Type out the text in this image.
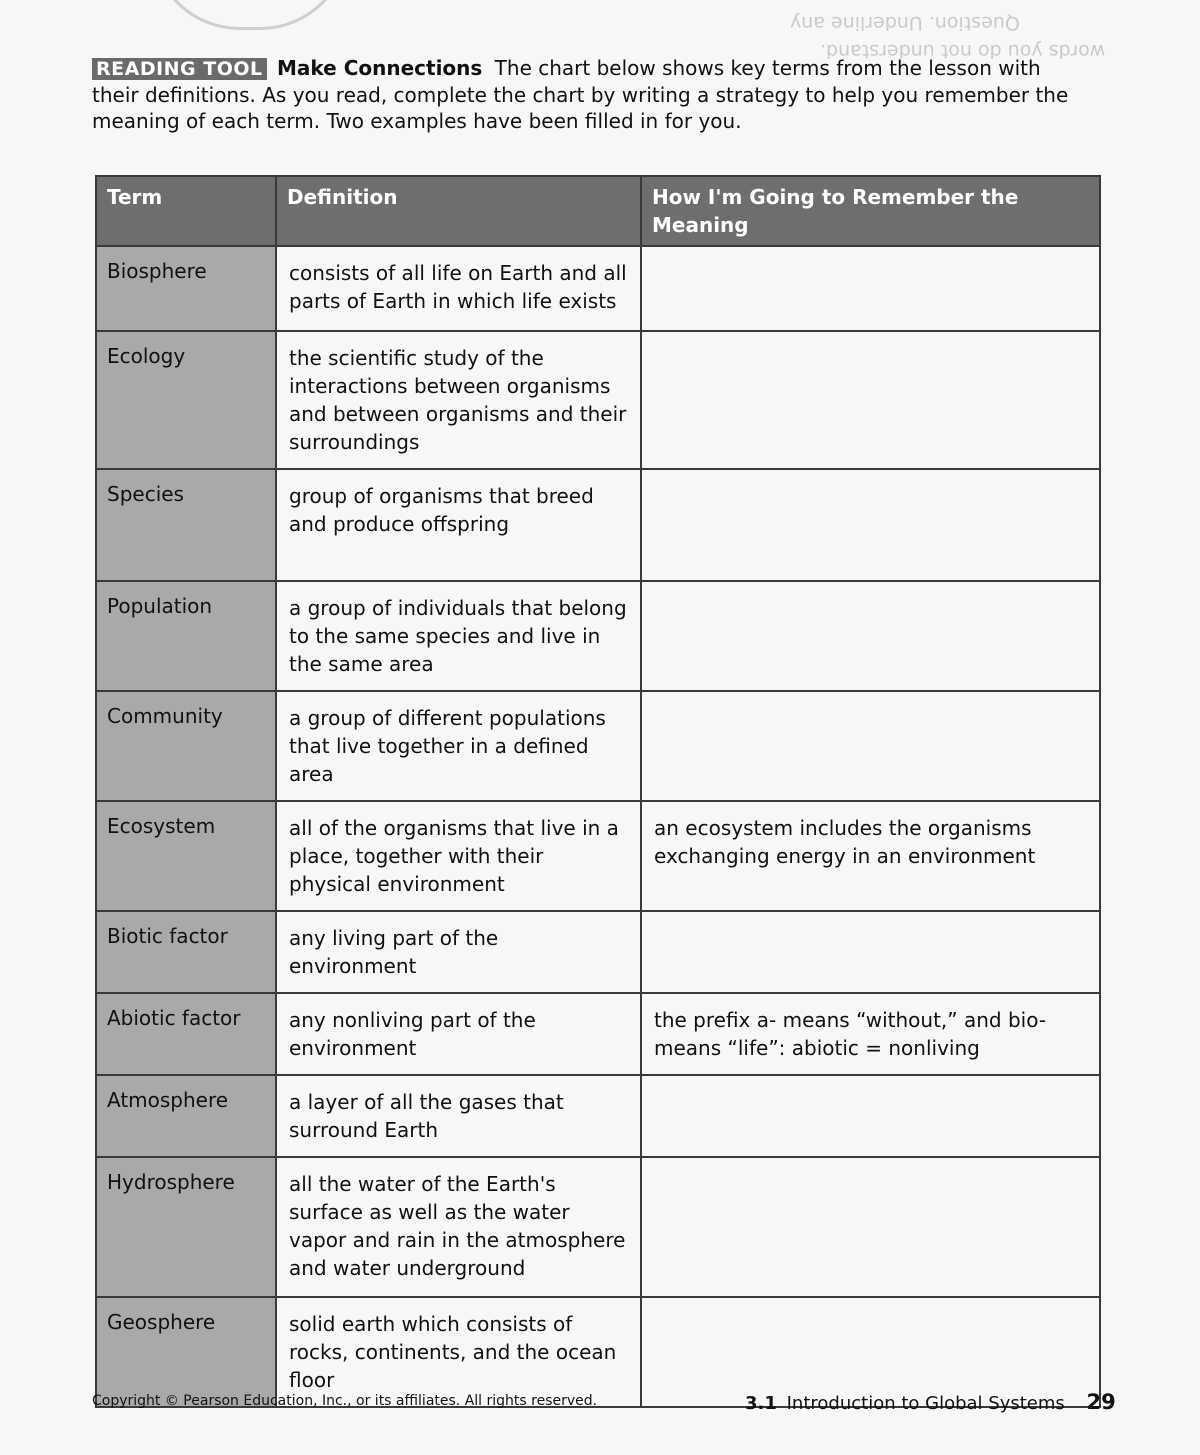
Question. Underline any
words you do not understand.
READING TOOL Make Connections The chart below shows key terms from the lesson with their definitions. As you read, complete the chart by writing a strategy to help you remember the meaning of each term. Two examples have been filled in for you.
Term	Definition	How I'm Going to Remember the Meaning
Biosphere	consists of all life on Earth and all parts of Earth in which life exists	
Ecology	the scientific study of the interactions between organisms and between organisms and their surroundings	
Species	group of organisms that breed and produce offspring	
Population	a group of individuals that belong to the same species and live in the same area	
Community	a group of different populations that live together in a defined area	
Ecosystem	all of the organisms that live in a place, together with their physical environment	an ecosystem includes the organisms exchanging energy in an environment
Biotic factor	any living part of the environment	
Abiotic factor	any nonliving part of the environment	the prefix a- means “without,” and bio- means “life”: abiotic = nonliving
Atmosphere	a layer of all the gases that surround Earth	
Hydrosphere	all the water of the Earth's surface as well as the water vapor and rain in the atmosphere and water underground	
Geosphere	solid earth which consists of rocks, continents, and the ocean floor	
Copyright © Pearson Education, Inc., or its affiliates. All rights reserved.	3.1 Introduction to Global Systems 29
